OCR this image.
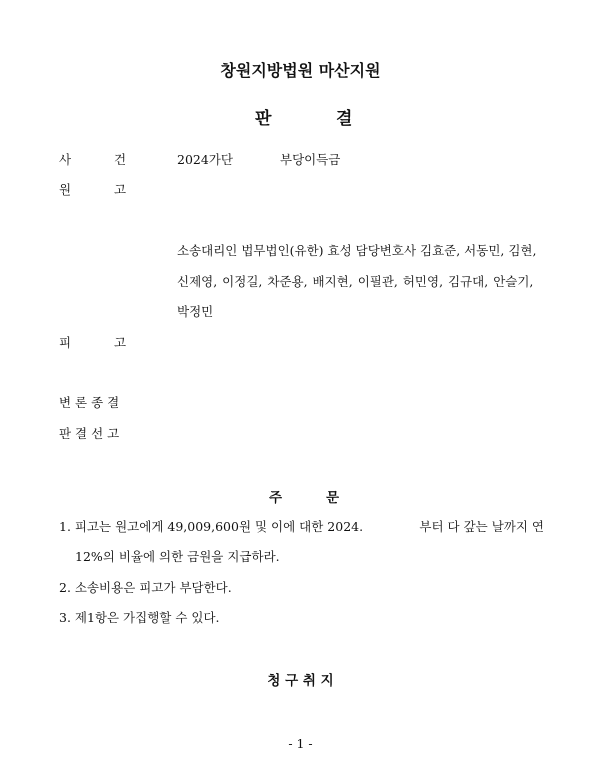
창원지방법원 마산지원
판	결
사	건	2024가단	부당이득금
원	고
소송대리인 법무법인(유한) 효성 담당변호사 김효준, 서동민, 김현,
신제영, 이정길, 차준용, 배지현, 이필관, 허민영, 김규대, 안슬기,
박정민
피	고
변 론 종 결
판 결 선 고
주	문
1. 피고는 원고에게 49,009,600원 및 이에 대한 2024.	부터 다 갚는 날까지 연
12%의 비율에 의한 금원을 지급하라.
2. 소송비용은 피고가 부담한다.
3. 제1항은 가집행할 수 있다.
청 구 취 지
- 1 -
